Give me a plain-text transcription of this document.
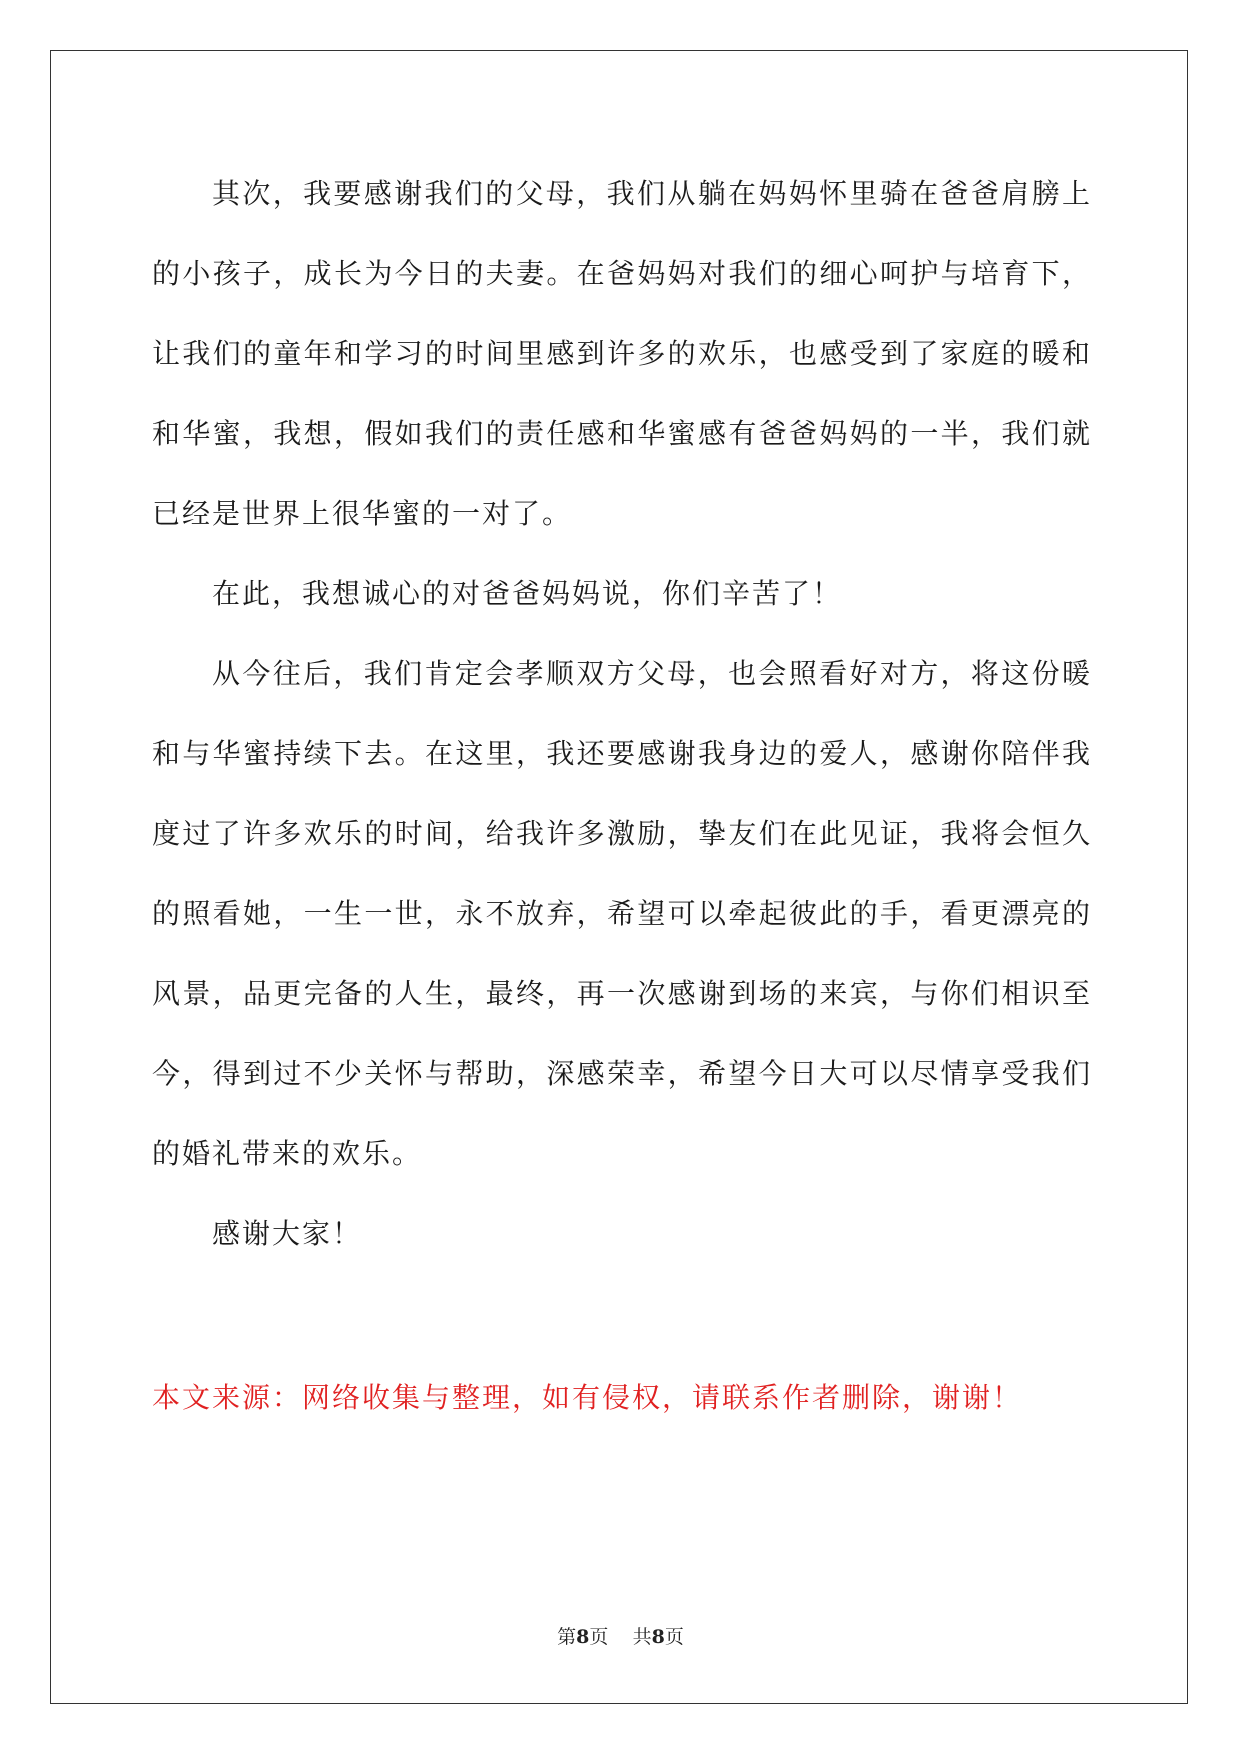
其次，我要感谢我们的父母，我们从躺在妈妈怀里骑在爸爸肩膀上的小孩子，成长为今日的夫妻。在爸妈妈对我们的细心呵护与培育下，让我们的童年和学习的时间里感到许多的欢乐，也感受到了家庭的暖和和华蜜，我想，假如我们的责任感和华蜜感有爸爸妈妈的一半，我们就已经是世界上很华蜜的一对了。

在此，我想诚心的对爸爸妈妈说，你们辛苦了！

从今往后，我们肯定会孝顺双方父母，也会照看好对方，将这份暖和与华蜜持续下去。在这里，我还要感谢我身边的爱人，感谢你陪伴我度过了许多欢乐的时间，给我许多激励，挚友们在此见证，我将会恒久的照看她，一生一世，永不放弃，希望可以牵起彼此的手，看更漂亮的风景，品更完备的人生，最终，再一次感谢到场的来宾，与你们相识至今，得到过不少关怀与帮助，深感荣幸，希望今日大可以尽情享受我们的婚礼带来的欢乐。

感谢大家！

本文来源：网络收集与整理，如有侵权，请联系作者删除，谢谢！

第8页 共8页
